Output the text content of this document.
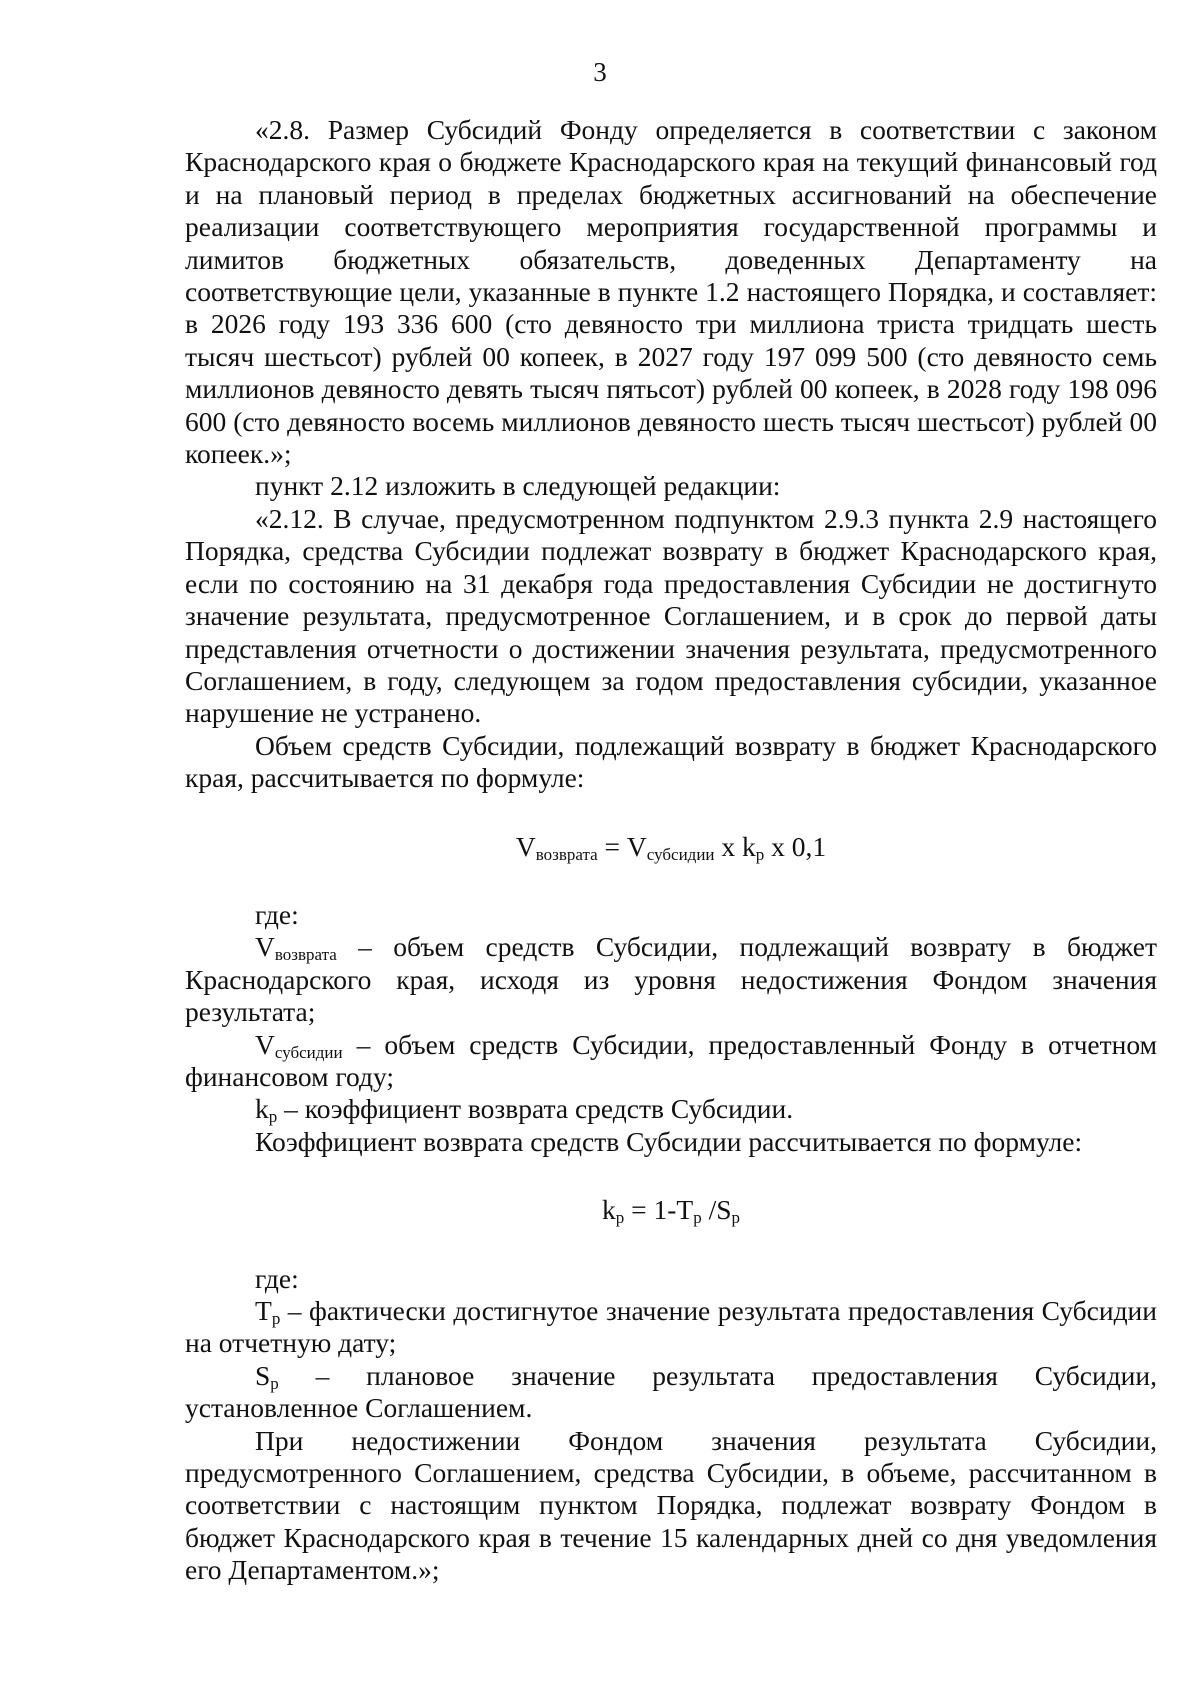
3

«2.8. Размер Субсидий Фонду определяется в соответствии с законом Краснодарского края о бюджете Краснодарского края на текущий финансовый год и на плановый период в пределах бюджетных ассигнований на обеспечение реализации соответствующего мероприятия государственной программы и лимитов бюджетных обязательств, доведенных Департаменту на соответствующие цели, указанные в пункте 1.2 настоящего Порядка, и составляет: в 2026 году 193 336 600 (сто девяносто три миллиона триста тридцать шесть тысяч шестьсот) рублей 00 копеек, в 2027 году 197 099 500 (сто девяносто семь миллионов девяносто девять тысяч пятьсот) рублей 00 копеек, в 2028 году 198 096 600 (сто девяносто восемь миллионов девяносто шесть тысяч шестьсот) рублей 00 копеек.»;

пункт 2.12 изложить в следующей редакции:

«2.12. В случае, предусмотренном подпунктом 2.9.3 пункта 2.9 настоящего Порядка, средства Субсидии подлежат возврату в бюджет Краснодарского края, если по состоянию на 31 декабря года предоставления Субсидии не достигнуто значение результата, предусмотренное Соглашением, и в срок до первой даты представления отчетности о достижении значения результата, предусмотренного Соглашением, в году, следующем за годом предоставления субсидии, указанное нарушение не устранено.

Объем средств Субсидии, подлежащий возврату в бюджет Краснодарского края, рассчитывается по формуле:

$V_{возврата} = V_{субсидии}$ x $k_р$ x 0,1

где:

$V_{возврата}$ – объем средств Субсидии, подлежащий возврату в бюджет Краснодарского края, исходя из уровня недостижения Фондом значения результата;

$V_{субсидии}$ – объем средств Субсидии, предоставленный Фонду в отчетном финансовом году;

$k_р$ – коэффициент возврата средств Субсидии.

Коэффициент возврата средств Субсидии рассчитывается по формуле:

$k_р = 1-T_р$ $/S_р$

где:

$T_р$ – фактически достигнутое значение результата предоставления Субсидии на отчетную дату;

$S_р$ – плановое значение результата предоставления Субсидии, установленное Соглашением.

При недостижении Фондом значения результата Субсидии, предусмотренного Соглашением, средства Субсидии, в объеме, рассчитанном в соответствии с настоящим пунктом Порядка, подлежат возврату Фондом в бюджет Краснодарского края в течение 15 календарных дней со дня уведомления его Департаментом.»;
